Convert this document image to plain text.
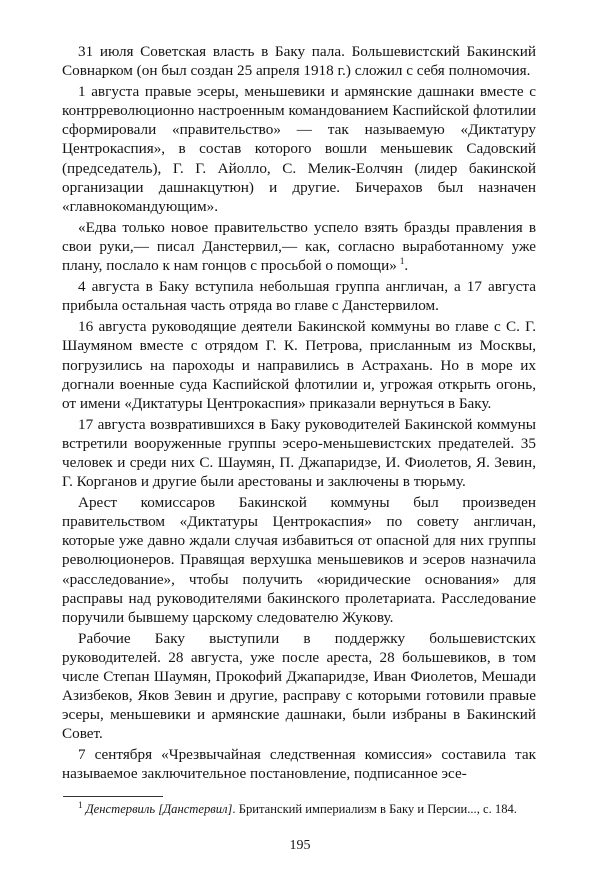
31 июля Советская власть в Баку пала. Большевистский Бакинский Совнарком (он был создан 25 апреля 1918 г.) сложил с себя полномочия.

1 августа правые эсеры, меньшевики и армянские дашнаки вместе с контрреволюционно настроенным командованием Каспийской флотилии сформировали «правительство» — так называемую «Диктатуру Центрокаспия», в состав которого вошли меньшевик Садовский (председатель), Г. Г. Айолло, С. Мелик-Еолчян (лидер бакинской организации дашнакцутюн) и другие. Бичерахов был назначен «главнокомандующим».

«Едва только новое правительство успело взять бразды правления в свои руки,— писал Данстервил,— как, согласно выработанному уже плану, послало к нам гонцов с просьбой о помощи»  $^1$.

4 августа в Баку вступила небольшая группа англичан, а 17 августа прибыла остальная часть отряда во главе с Данстервилом.

16 августа руководящие деятели Бакинской коммуны во главе с С. Г. Шаумяном вместе с отрядом Г. К. Петрова, присланным из Москвы, погрузились на пароходы и направились в Астрахань. Но в море их догнали военные суда Каспийской флотилии и, угрожая открыть огонь, от имени «Диктатуры Центрокаспия» приказали вернуться в Баку.

17 августа возвратившихся в Баку руководителей Бакинской коммуны встретили вооруженные группы эсеро-меньшевистских предателей. 35 человек и среди них С. Шаумян, П. Джапаридзе, И. Фиолетов, Я. Зевин, Г. Корганов и другие были арестованы и заключены в тюрьму.

Арест комиссаров Бакинской коммуны был произведен правительством «Диктатуры Центрокаспия» по совету англичан, которые уже давно ждали случая избавиться от опасной для них группы революционеров. Правящая верхушка меньшевиков и эсеров назначила «расследование», чтобы получить «юридические основания» для расправы над руководителями бакинского пролетариата. Расследование поручили бывшему царскому следователю Жукову.

Рабочие Баку выступили в поддержку большевистских руководителей. 28 августа, уже после ареста, 28 большевиков, в том числе Степан Шаумян, Прокофий Джапаридзе, Иван Фиолетов, Мешади Азизбеков, Яков Зевин и другие, расправу с которыми готовили правые эсеры, меньшевики и армянские дашнаки, были избраны в Бакинский Совет.

7 сентября «Чрезвычайная следственная комиссия» составила так называемое заключительное постановление, подписанное эсе-

$^1$ Денстервиль [Данстервил]. Британский империализм в Баку и Персии..., с. 184.

195
